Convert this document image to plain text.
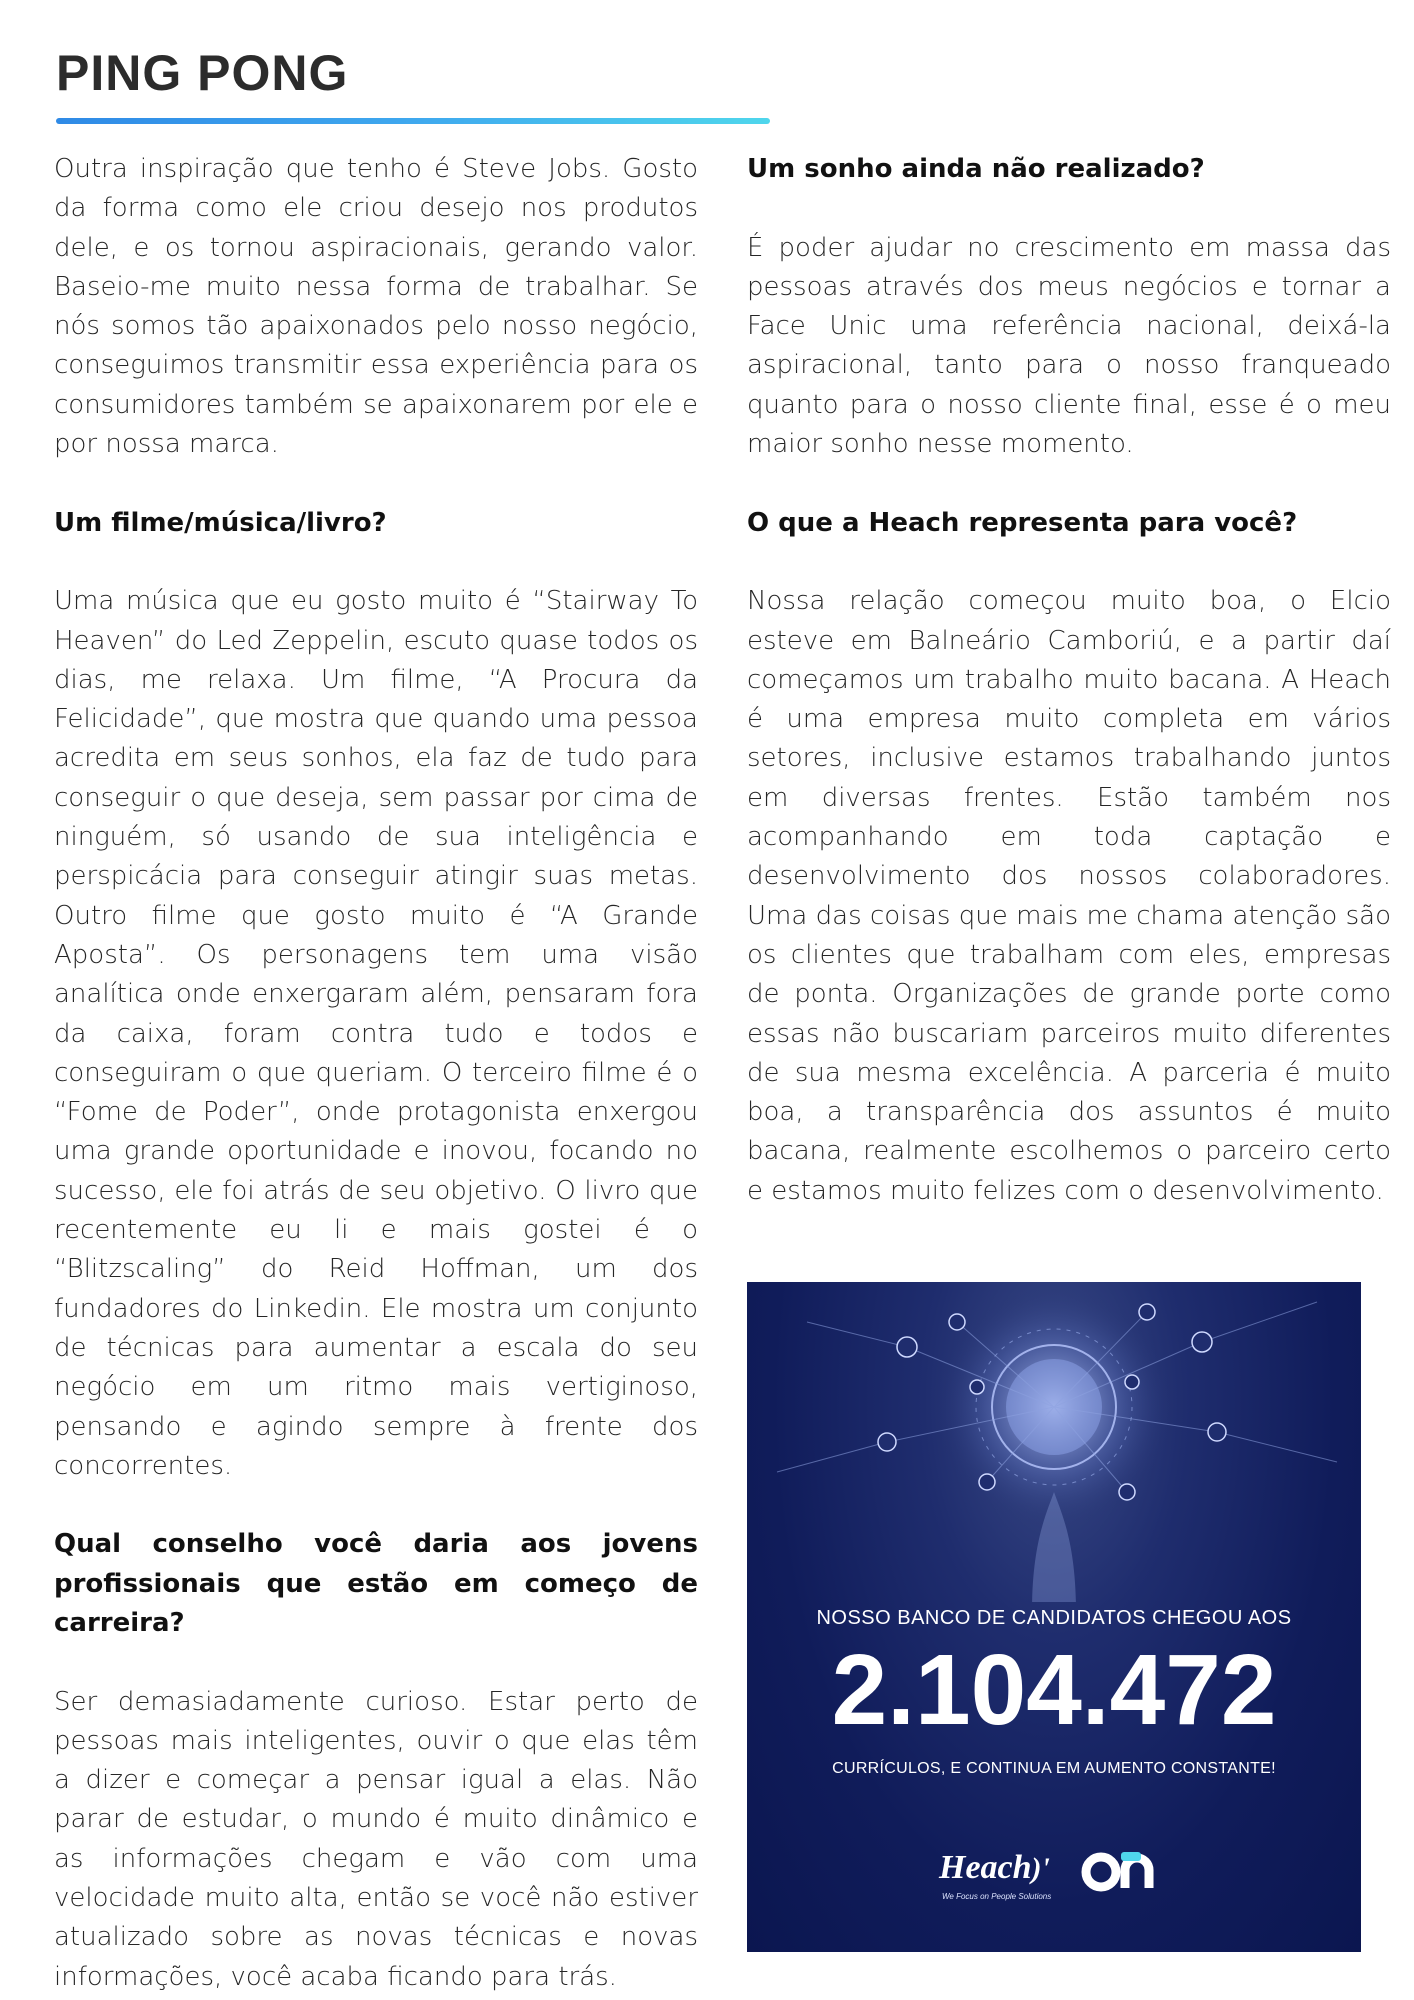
PING PONG

Outra inspiração que tenho é Steve Jobs. Gosto da forma como ele criou desejo nos produtos dele, e os tornou aspiracionais, gerando valor. Baseio-me muito nessa forma de trabalhar. Se nós somos tão apaixonados pelo nosso negócio, conseguimos transmitir essa experiência para os consumidores também se apaixonarem por ele e por nossa marca.

Um filme/música/livro?

Uma música que eu gosto muito é “Stairway To Heaven” do Led Zeppelin, escuto quase todos os dias, me relaxa. Um filme, “A Procura da Felicidade”, que mostra que quando uma pessoa acredita em seus sonhos, ela faz de tudo para conseguir o que deseja, sem passar por cima de ninguém, só usando de sua inteligência e perspicácia para conseguir atingir suas metas. Outro filme que gosto muito é “A Grande Aposta”. Os personagens tem uma visão analítica onde enxergaram além, pensaram fora da caixa, foram contra tudo e todos e conseguiram o que queriam. O terceiro filme é o “Fome de Poder”, onde protagonista enxergou uma grande oportunidade e inovou, focando no sucesso, ele foi atrás de seu objetivo. O livro que recentemente eu li e mais gostei é o “Blitzscaling” do Reid Hoffman, um dos fundadores do Linkedin. Ele mostra um conjunto de técnicas para aumentar a escala do seu negócio em um ritmo mais vertiginoso, pensando e agindo sempre à frente dos concorrentes.

Qual conselho você daria aos jovens profissionais que estão em começo de carreira?

Ser demasiadamente curioso. Estar perto de pessoas mais inteligentes, ouvir o que elas têm a dizer e começar a pensar igual a elas. Não parar de estudar, o mundo é muito dinâmico e as informações chegam e vão com uma velocidade muito alta, então se você não estiver atualizado sobre as novas técnicas e novas informações, você acaba ficando para trás.

Um sonho ainda não realizado?

É poder ajudar no crescimento em massa das pessoas através dos meus negócios e tornar a Face Unic uma referência nacional, deixá-la aspiracional, tanto para o nosso franqueado quanto para o nosso cliente final, esse é o meu maior sonho nesse momento.

O que a Heach representa para você?

Nossa relação começou muito boa, o Elcio esteve em Balneário Camboriú, e a partir daí começamos um trabalho muito bacana. A Heach é uma empresa muito completa em vários setores, inclusive estamos trabalhando juntos em diversas frentes. Estão também nos acompanhando em toda captação e desenvolvimento dos nossos colaboradores. Uma das coisas que mais me chama atenção são os clientes que trabalham com eles, empresas de ponta. Organizações de grande porte como essas não buscariam parceiros muito diferentes de sua mesma excelência. A parceria é muito boa, a transparência dos assuntos é muito bacana, realmente escolhemos o parceiro certo e estamos muito felizes com o desenvolvimento.

NOSSO BANCO DE CANDIDATOS CHEGOU AOS
2.104.472
CURRÍCULOS, E CONTINUA EM AUMENTO CONSTANTE!
Heach)'
We Focus on People Solutions
